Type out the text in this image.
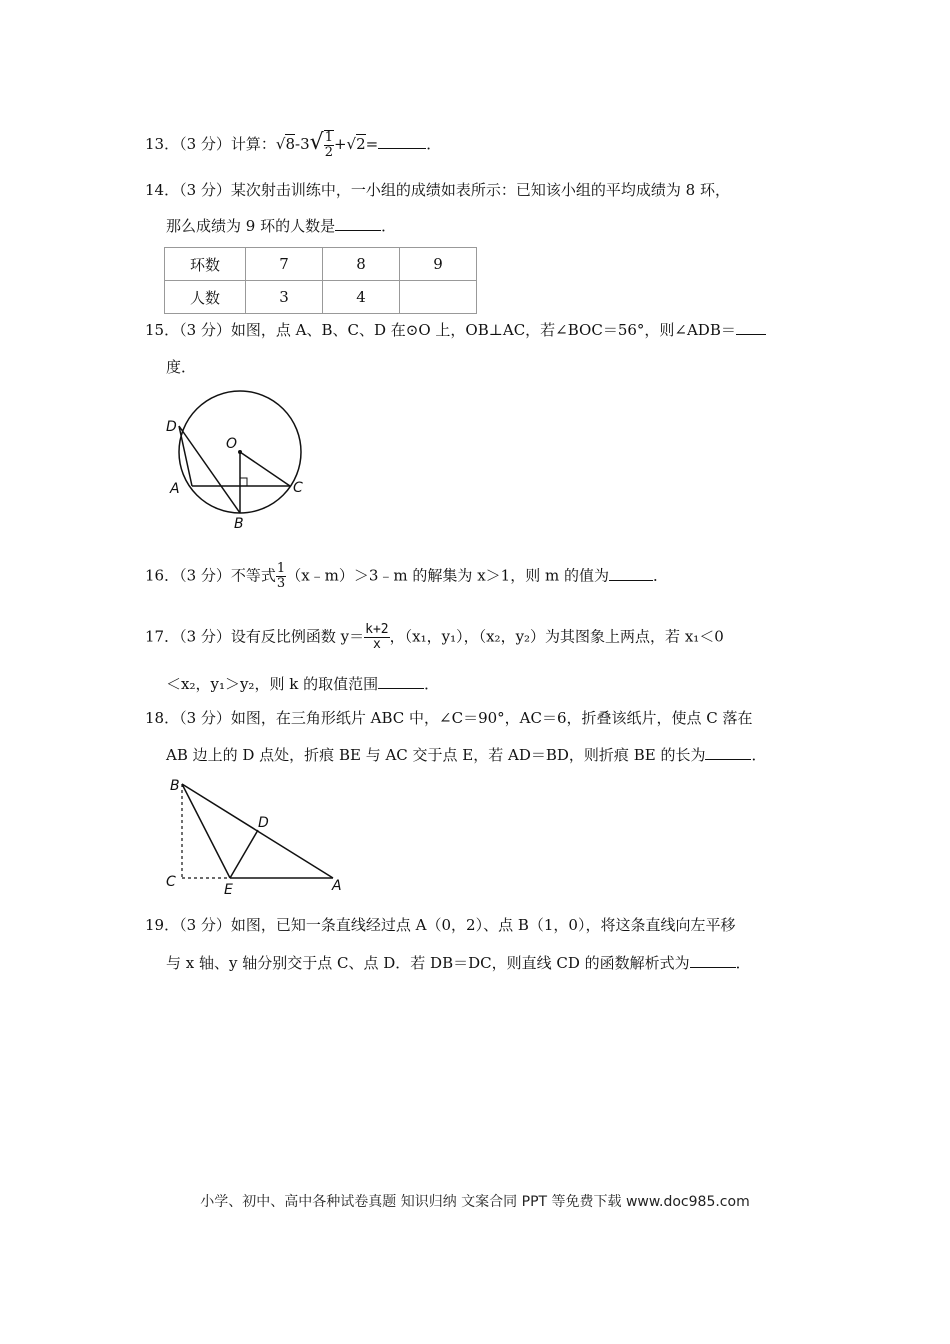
13．（3 分）计算：$√8-3√ \frac{1}{2} +√2=$	．
14．（3 分）某次射击训练中，一小组的成绩如表所示：已知该小组的平均成绩为 8 环，
那么成绩为 9 环的人数是	．
环数	7	8	9
人数	3	4	
15．（3 分）如图，点 A、B、C、D 在⊙O 上，OB⊥AC，若∠BOC＝56°，则∠ADB＝
度．
D
O
A
B
C
16．（3 分）不等式 $\frac{1}{3}$ （x﹣m）＞3﹣m 的解集为 x＞1，则 m 的值为	．
17．（3 分）设有反比例函数 $y= \frac{k+2}{x}$ ，（x₁，y₁），（x₂，y₂）为其图象上两点，若 x₁＜0
＜x₂，y₁＞y₂，则 k 的取值范围	．
18．（3 分）如图，在三角形纸片 ABC 中，∠C＝90°，AC＝6，折叠该纸片，使点 C 落在
AB 边上的 D 点处，折痕 BE 与 AC 交于点 E，若 AD＝BD，则折痕 BE 的长为	．
B
D
C	E	A
19．（3 分）如图，已知一条直线经过点 A（0，2）、点 B（1，0），将这条直线向左平移
与 x 轴、y 轴分别交于点 C、点 D．若 DB＝DC，则直线 CD 的函数解析式为	．
小学、初中、高中各种试卷真题 知识归纳 文案合同 PPT 等免费下载 www.doc985.com
